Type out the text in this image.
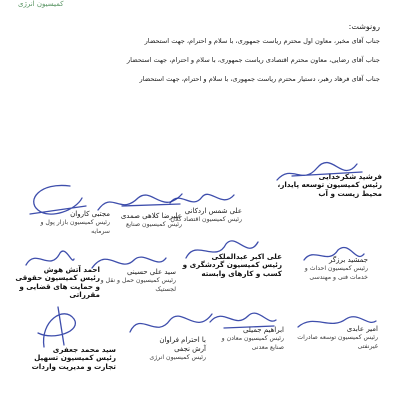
کمیسیون انرژی
رونوشت:
جناب آقای مخبر، معاون اول محترم ریاست جمهوری، با سلام و احترام، جهت استحضار
جناب آقای رضایی، معاون محترم اقتصادی ریاست جمهوری، با سلام و احترام، جهت استحضار
جناب آقای فرهاد رهبر، دستیار محترم ریاست جمهوری، با سلام و احترام، جهت استحضار
فرشید شکرخدایی
رئیس کمیسیون توسعه پایدار، محیط زیست و آب
علی شمس اردکانی
رئیس کمیسیون اقتصاد کلان
علیرضا کلاهی صمدی
رئیس کمیسیون صنایع
مجتبی کاروان
رئیس کمیسیون بازار پول و سرمایه
جمشید برزگر
رئیس کمیسیون احداث و خدمات فنی و مهندسی
علی اکبر عبدالملکی
رئیس کمیسیون گردشگری و کسب و کارهای وابسته
سید علی حسینی
رئیس کمیسیون حمل و نقل و لجستیک
احمد آتش هوش
رئیس کمیسیون حقوقی و حمایت های قضایی و مقرراتی
امیر عابدی
رئیس کمیسیون توسعه صادرات غیرنفتی
ابراهیم جمیلی
رئیس کمیسیون معادن و صنایع معدنی
با احترام فراوان آرش نجفی
رئیس کمیسیون انرژی
سید محمد جعفری
رئیس کمیسیون تسهیل تجارت و مدیریت واردات
